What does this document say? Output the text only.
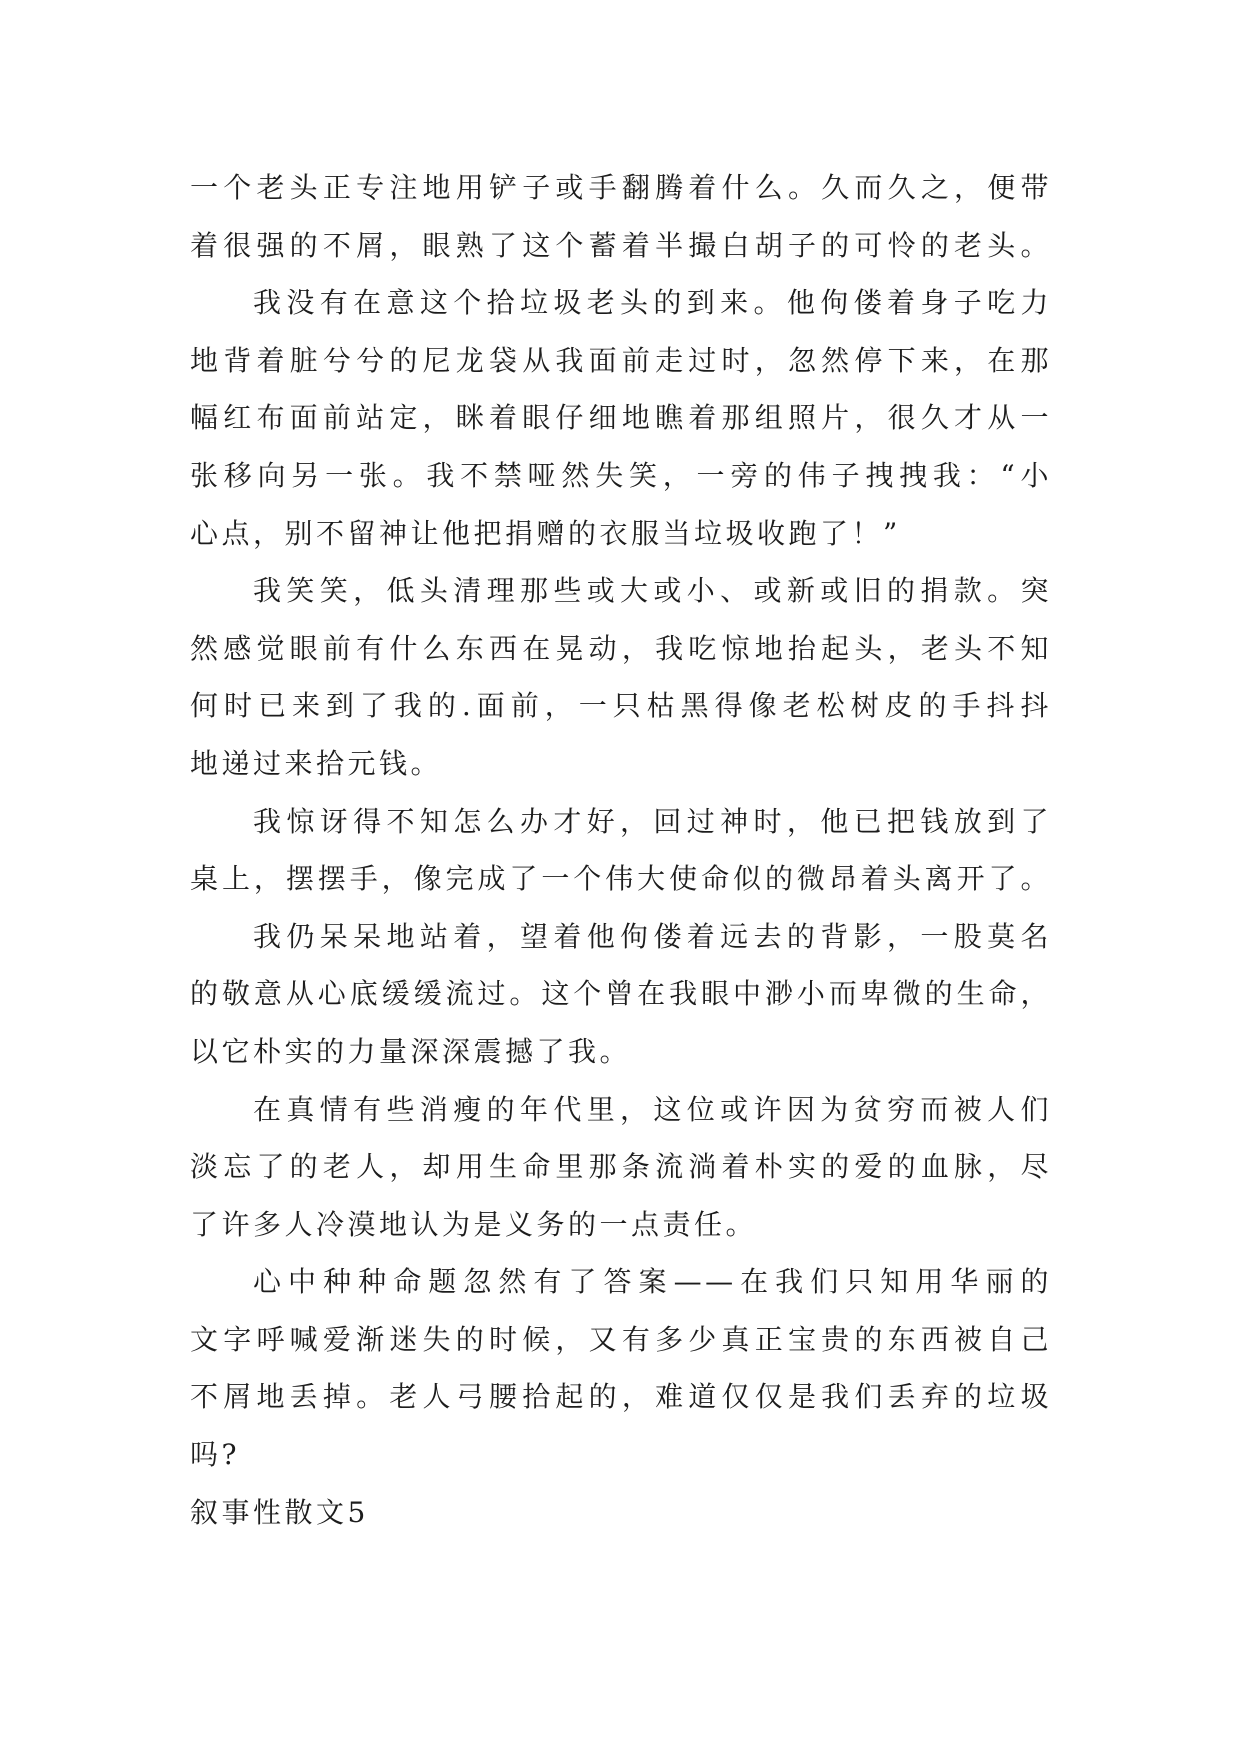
一个老头正专注地用铲子或手翻腾着什么。久而久之，便带
着很强的不屑，眼熟了这个蓄着半撮白胡子的可怜的老头。
我没有在意这个拾垃圾老头的到来。他佝偻着身子吃力
地背着脏兮兮的尼龙袋从我面前走过时，忽然停下来，在那
幅红布面前站定，眯着眼仔细地瞧着那组照片，很久才从一
张移向另一张。我不禁哑然失笑，一旁的伟子拽拽我：“小
心点，别不留神让他把捐赠的衣服当垃圾收跑了！”
我笑笑，低头清理那些或大或小、或新或旧的捐款。突
然感觉眼前有什么东西在晃动，我吃惊地抬起头，老头不知
何时已来到了我的.面前，一只枯黑得像老松树皮的手抖抖
地递过来拾元钱。
我惊讶得不知怎么办才好，回过神时，他已把钱放到了
桌上，摆摆手，像完成了一个伟大使命似的微昂着头离开了。
我仍呆呆地站着，望着他佝偻着远去的背影，一股莫名
的敬意从心底缓缓流过。这个曾在我眼中渺小而卑微的生命，
以它朴实的力量深深震撼了我。
在真情有些消瘦的年代里，这位或许因为贫穷而被人们
淡忘了的老人，却用生命里那条流淌着朴实的爱的血脉，尽
了许多人冷漠地认为是义务的一点责任。
心中种种命题忽然有了答案——在我们只知用华丽的
文字呼喊爱渐迷失的时候，又有多少真正宝贵的东西被自己
不屑地丢掉。老人弓腰拾起的，难道仅仅是我们丢弃的垃圾
吗?
叙事性散文5
